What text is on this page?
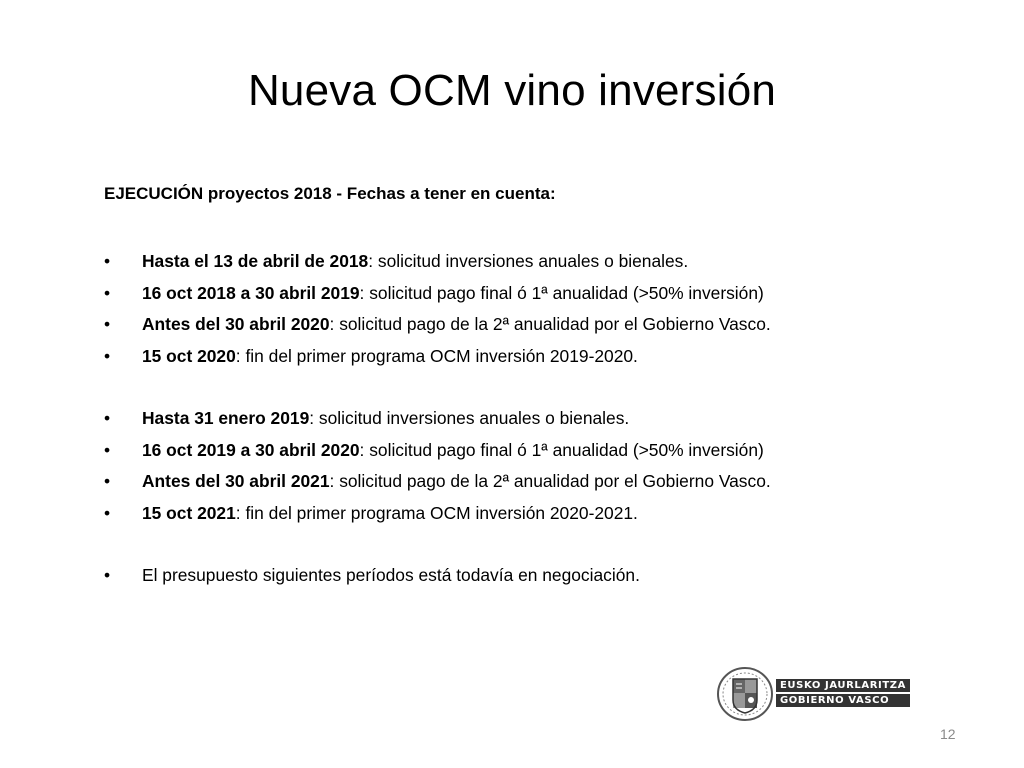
Nueva OCM vino inversión
EJECUCIÓN proyectos 2018 - Fechas a tener en cuenta:
•	Hasta el 13 de abril de 2018: solicitud inversiones anuales o bienales.
•	16 oct 2018 a 30 abril 2019: solicitud pago final ó 1ª anualidad (>50% inversión)
•	Antes del 30 abril 2020: solicitud pago de la 2ª anualidad por el Gobierno Vasco.
•	15 oct 2020: fin del primer programa OCM inversión 2019-2020.
•	Hasta 31 enero 2019: solicitud inversiones anuales o bienales.
•	16 oct 2019 a 30 abril 2020: solicitud pago final ó 1ª anualidad (>50% inversión)
•	Antes del 30 abril 2021: solicitud pago de la 2ª anualidad por el Gobierno Vasco.
•	15 oct 2021: fin del primer programa OCM inversión 2020-2021.
•	El presupuesto siguientes períodos está todavía en negociación.
EUSKO JAURLARITZA
GOBIERNO VASCO
12
